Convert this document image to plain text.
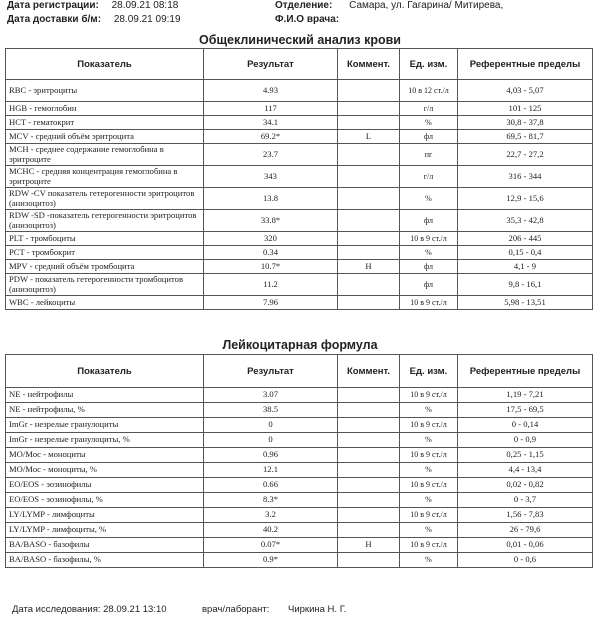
Дата регистрации: 28.09.21 08:18
Дата доставки б/м: 28.09.21 09:19
Отделение: Самара, ул. Гагарина/ Митирева,
Ф.И.О врача:
Общеклинический анализ крови
Показатель	Результат	Коммент.	Ед. изм.	Референтные пределы
RBC - эритроциты	4.93		10 в 12 ст./л	4,03 - 5,07
HGB - гемоглобин	117		г/л	101 - 125
HCT - гематокрит	34.1		%	30,8 - 37,8
MCV - средний объём эритроцита	69.2*	L	фл	69,5 - 81,7
MCH - среднее содержание гемоглобина в эритроците	23.7		пг	22,7 - 27,2
MCHC - средняя концентрация гемоглобина в эритроците	343		г/л	316 - 344
RDW -CV показатель гетерогенности эритроцитов (анизоцитоз)	13.8		%	12,9 - 15,6
RDW -SD -показатель гетерогенности эритроцитов (анизоцитоз)	33.8*		фл	35,3 - 42,8
PLT - тромбоциты	320		10 в 9 ст./л	206 - 445
PCT - тромбокрит	0.34		%	0,15 - 0,4
MPV - средний объём тромбоцита	10.7*	H	фл	4,1 - 9
PDW - показатель гетерогенности тромбоцитов (анизоцитоз)	11.2		фл	9,8 - 16,1
WBC - лейкоциты	7.96		10 в 9 ст./л	5,98 - 13,51
Лейкоцитарная формула
Показатель	Результат	Коммент.	Ед. изм.	Референтные пределы
NE - нейтрофилы	3.07		10 в 9 ст./л	1,19 - 7,21
NE - нейтрофилы, %	38.5		%	17,5 - 69,5
ImGr - незрелые гранулоциты	0		10 в 9 ст./л	0 - 0,14
ImGr - незрелые гранулоциты, %	0		%	0 - 0,9
MO/Moc - моноциты	0.96		10 в 9 ст./л	0,25 - 1,15
MO/Moc - моноциты, %	12.1		%	4,4 - 13,4
EO/EOS - эозинофилы	0.66		10 в 9 ст./л	0,02 - 0,82
EO/EOS - эозинофилы, %	8.3*		%	0 - 3,7
LY/LYMP - лимфоциты	3.2		10 в 9 ст./л	1,56 - 7,83
LY/LYMP - лимфоциты, %	40.2		%	26 - 79,6
BA/BASO - базофилы	0.07*	H	10 в 9 ст./л	0,01 - 0,06
BA/BASO - базофилы, %	0.9*		%	0 - 0,6
Дата исследования: 28.09.21 13:10	врач/лаборант: Чиркина Н. Г.
